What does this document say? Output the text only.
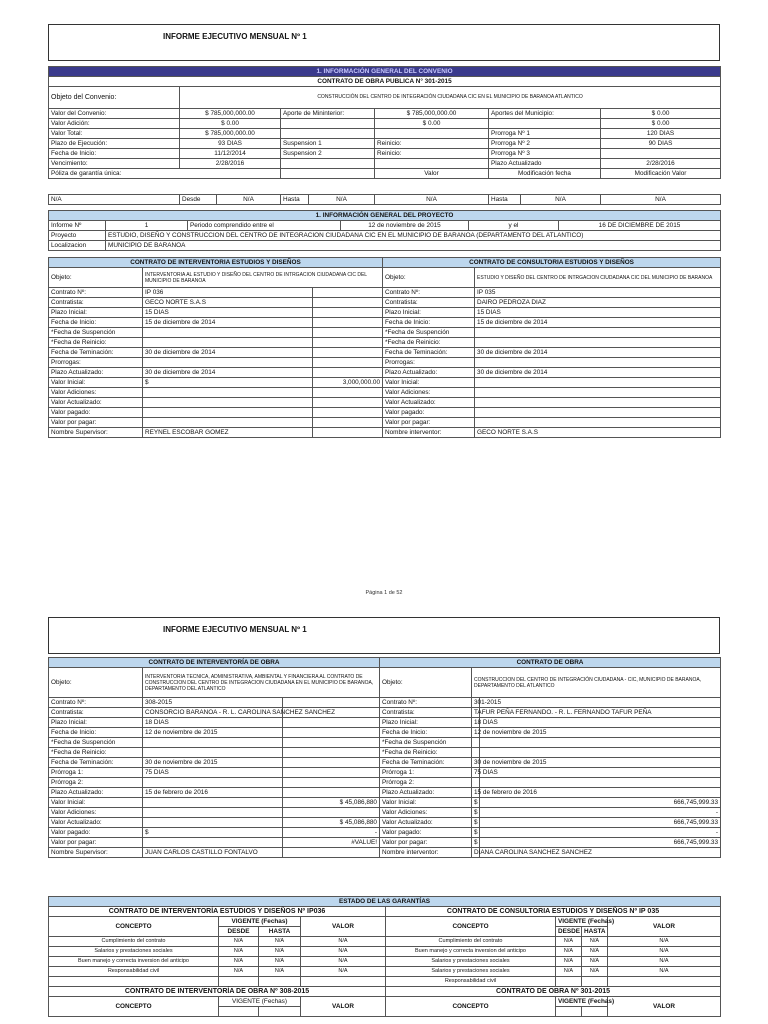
INFORME EJECUTIVO MENSUAL Nº 1
1. INFORMACIÓN GENERAL DEL CONVENIO					
CONTRATO DE OBRA PUBLICA N° 301-2015					
Objeto del Convenio:	CONSTRUCCIÓN DEL CENTRO DE INTEGRACIÓN CIUDADANA CIC EN EL MUNICIPIO DE BARANOA ATLANTICO				
Valor del Convenio:	$ 785,000,000.00	Aporte de Mininterior:	$ 785,000,000.00	Aportes del Municipio:	$ 0.00
Valor Adición:	$ 0.00		$ 0.00		$ 0.00
Valor Total:	$ 785,000,000.00			Prorroga Nº 1	120 DIAS
Plazo de Ejecución:	93 DIAS	Suspension 1	Reinicio:	Prorroga Nº 2	90 DIAS
Fecha de Inicio:	11/12/2014	Suspension 2	Reinicio:	Prorroga Nº 3	
Vencimiento:	2/28/2016			Plazo Actualizado	2/28/2016
Póliza de garantía única:			Valor	Modificación fecha	Modificación Valor
N/A	Desde	N/A	Hasta	N/A	N/A	Hasta	N/A	N/A
1. INFORMACIÓN GENERAL DEL PROYECTO					
Informe Nº	1	Periodo comprendido entre el	12 de noviembre de 2015	y el	16 DE DICIEMBRE DE 2015
Proyecto	ESTUDIO, DISEÑO Y CONSTRUCCION DEL CENTRO DE INTEGRACION CIUDADANA CIC EN EL MUNICIPIO DE BARANOA (DEPARTAMENTO DEL ATLANTICO)				
Localizacion	MUNICIPIO DE BARANOA				
CONTRATO DE INTERVENTORIA ESTUDIOS Y DISEÑOS			CONTRATO DE CONSULTORIA ESTUDIOS Y DISEÑOS	
Objeto:	INTERVENTORIA AL ESTUDIO Y DISEÑO DEL CENTRO DE INTRGACION CIUDADANA CIC DEL MUNICIPIO DE BARANOA		Objeto:	ESTUDIO Y DISEÑO DEL CENTRO DE INTRGACION CIUDADANA CIC DEL MUNICIPIO DE BARANOA
Contrato Nº:	IP 036		Contrato Nº:	IP 035
Contratista:	GECO NORTE S.A.S		Contratista:	DAIRO PEDROZA DIAZ
Plazo Inicial:	15 DIAS		Plazo Inicial:	15 DIAS
Fecha de Inicio:	15 de diciembre de 2014		Fecha de Inicio:	15 de diciembre de 2014
*Fecha de Suspención			*Fecha de Suspención	
*Fecha de Reinicio:			*Fecha de Reinicio:	
Fecha de Teminación:	30 de diciembre de 2014		Fecha de Teminación:	30 de diciembre de 2014
Prorrogas:			Prorrogas:	
Plazo Actualizado:	30 de diciembre de 2014		Plazo Actualizado:	30 de diciembre de 2014
Valor Inicial:	$	3,000,000.00	Valor Inicial:	
Valor Adiciones:			Valor Adiciones:	
Valor Actualizado:			Valor Actualizado:	
Valor pagado:			Valor pagado:	
Valor por pagar:			Valor por pagar:	
Nombre Supervisor:	REYNEL ESCOBAR GOMEZ		Nombre interventor:	GECO NORTE S.A.S
Página 1 de 52
INFORME EJECUTIVO MENSUAL Nº 1
CONTRATO DE INTERVENTORÍA DE OBRA			CONTRATO DE OBRA		
Objeto:	INTERVENTORIA TECNICA, ADMINISTRATIVA, AMBIENTAL Y FINANCIERA AL CONTRATO DE CONSTRUCCION DEL CENTRO DE INTEGRACION CIUDADANA EN EL MUNICIPIO DE BARANOA, DEPARTAMENTO DEL ATLANTICO		Objeto:	CONSTRUCCION DEL CENTRO DE INTEGRACIÓN CIUDADANA - CIC, MUNICIPIO DE BARANOA, DEPARTAMENTO DEL ATLANTICO	
Contrato Nº:	308-2015		Contrato Nº:	301-2015	
Contratista:	CONSORCIO BARANOA - R. L. CAROLINA SANCHEZ SANCHEZ		Contratista:	TAFUR PEÑA FERNANDO. - R. L. FERNANDO TAFUR PEÑA	
Plazo Inicial:	18 DIAS		Plazo Inicial:	18 DIAS	
Fecha de Inicio:	12 de noviembre de 2015		Fecha de Inicio:	12 de noviembre de 2015	
*Fecha de Suspención			*Fecha de Suspención		
*Fecha de Reinicio:			*Fecha de Reinicio:		
Fecha de Teminación:	30 de noviembre de 2015		Fecha de Teminación:	30 de noviembre de 2015	
Prórroga 1:	75 DIAS		Prórroga 1:	75 DIAS	
Prórroga 2:			Prórroga 2:		
Plazo Actualizado:	15 de febrero de 2016		Plazo Actualizado:	15 de febrero de 2016	
Valor Inicial:		$ 45,086,880	Valor Inicial:	$	666,745,999.33
Valor Adiciones:			Valor Adiciones:	$	-
Valor Actualizado:		$ 45,086,880	Valor Actualizado:	$	666,745,999.33
Valor pagado:	$	-	Valor pagado:	$	-
Valor por pagar:		#VALUE!	Valor por pagar:	$	666,745,999.33
Nombre Supervisor:	JUAN CARLOS CASTILLO FONTALVO		Nombre interventor:	DIANA CAROLINA SANCHEZ SANCHEZ	
ESTADO DE LAS GARANTÍAS							
CONTRATO DE INTERVENTORÍA ESTUDIOS Y DISEÑOS Nº IP036				CONTRATO DE CONSULTORIA ESTUDIOS Y DISEÑOS Nº IP 035			
CONCEPTO	VIGENTE (Fechas)		VALOR	CONCEPTO	VIGENTE (Fechas)		VALOR
	DESDE	HASTA			DESDE	HASTA	
Cumplimiento del contrato	N/A	N/A	N/A	Cumplimiento del contrato	N/A	N/A	N/A
Salarios y prestaciones sociales	N/A	N/A	N/A	Buen manejo y correcta inversion del anticipo	N/A	N/A	N/A
Buen manejo y correcta inversion del anticipo	N/A	N/A	N/A	Salarios y prestaciones sociales	N/A	N/A	N/A
Responsabilidad civil	N/A	N/A	N/A	Salarios y prestaciones sociales	N/A	N/A	N/A
				Responsabilidad civil			
CONTRATO DE INTERVENTORÍA DE OBRA Nº 308-2015				CONTRATO DE OBRA Nº 301-2015			
CONCEPTO	VIGENTE (Fechas)		VALOR	CONCEPTO	VIGENTE (Fechas)		VALOR
